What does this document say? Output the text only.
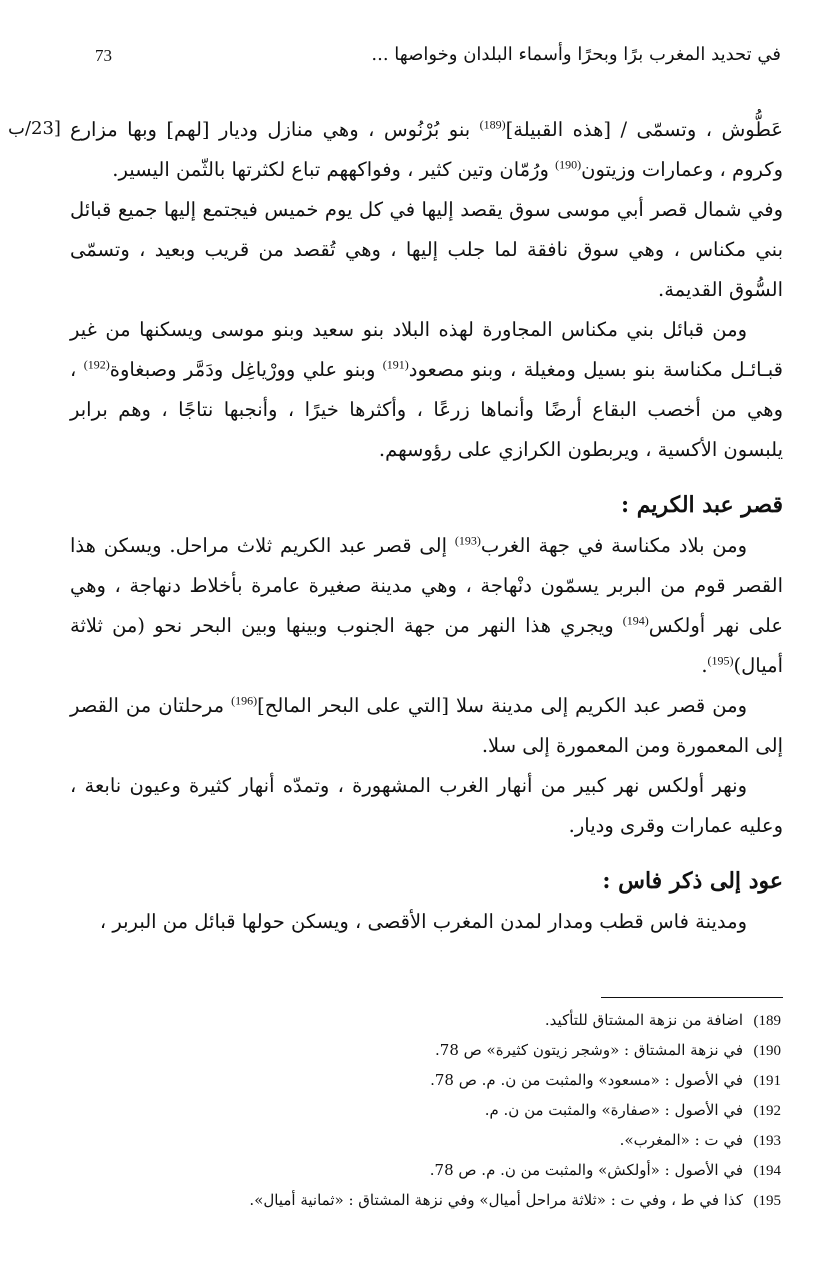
73	في تحديد المغرب برًا وبحرًا وأسماء البلدان وخواصها ...
[23/ب	عَطُّوش ، وتسمّى / [هذه القبيلة]$^{(189)}$ بنو بُرْنُوس ، وهي منازل وديار [لهم] وبها مزارع وكروم ، وعمارات وزيتون$^{(190)}$ ورُمّان وتين كثير ، وفواكههم تباع لكثرتها بالثّمن اليسير.

وفي شمال قصر أبي موسى سوق يقصد إليها في كل يوم خميس فيجتمع إليها جميع قبائل بني مكناس ، وهي سوق نافقة لما جلب إليها ، وهي تُقصد من قريب وبعيد ، وتسمّى السُّوق القديمة.

ومن قبائل بني مكناس المجاورة لهذه البلاد بنو سعيد وبنو موسى ويسكنها من غير قبـائـل مكناسة بنو بسيل ومغيلة ، وبنو مصعود$^{(191)}$ وبنو علي وورْياغِل ودَمَّر وصبغاوة$^{(192)}$ ، وهي من أخصب البقاع أرضًا وأنماها زرعًا ، وأكثرها خيرًا ، وأنجبها نتاجًا ، وهم برابر يلبسون الأكسية ، ويربطون الكرازي على رؤوسهم.

قصر عبد الكريم :

ومن بلاد مكناسة في جهة الغرب$^{(193)}$ إلى قصر عبد الكريم ثلاث مراحل. ويسكن هذا القصر قوم من البربر يسمّون دنْهاجة ، وهي مدينة صغيرة عامرة بأخلاط دنهاجة ، وهي على نهر أولكس$^{(194)}$ ويجري هذا النهر من جهة الجنوب وبينها وبين البحر نحو (من ثلاثة أميال)$^{(195)}$.

ومن قصر عبد الكريم إلى مدينة سلا [التي على البحر المالح]$^{(196)}$ مرحلتان من القصر إلى المعمورة ومن المعمورة إلى سلا.

ونهر أولكس نهر كبير من أنهار الغرب المشهورة ، وتمدّه أنهار كثيرة وعيون نابعة ، وعليه عمارات وقرى وديار.

عود إلى ذكر فاس :

ومدينة فاس قطب ومدار لمدن المغرب الأقصى ، ويسكن حولها قبائل من البربر ،

189)اضافة من نزهة المشتاق للتأكيد.
190)في نزهة المشتاق : «وشجر زيتون كثيرة» ص 78.
191)في الأصول : «مسعود» والمثبت من ن. م. ص 78.
192)في الأصول : «صفارة» والمثبت من ن. م.
193)في ت : «المغرب».
194)في الأصول : «أولكش» والمثبت من ن. م. ص 78.
195)كذا في ط ، وفي ت : «ثلاثة مراحل أميال» وفي نزهة المشتاق : «ثمانية أميال».
